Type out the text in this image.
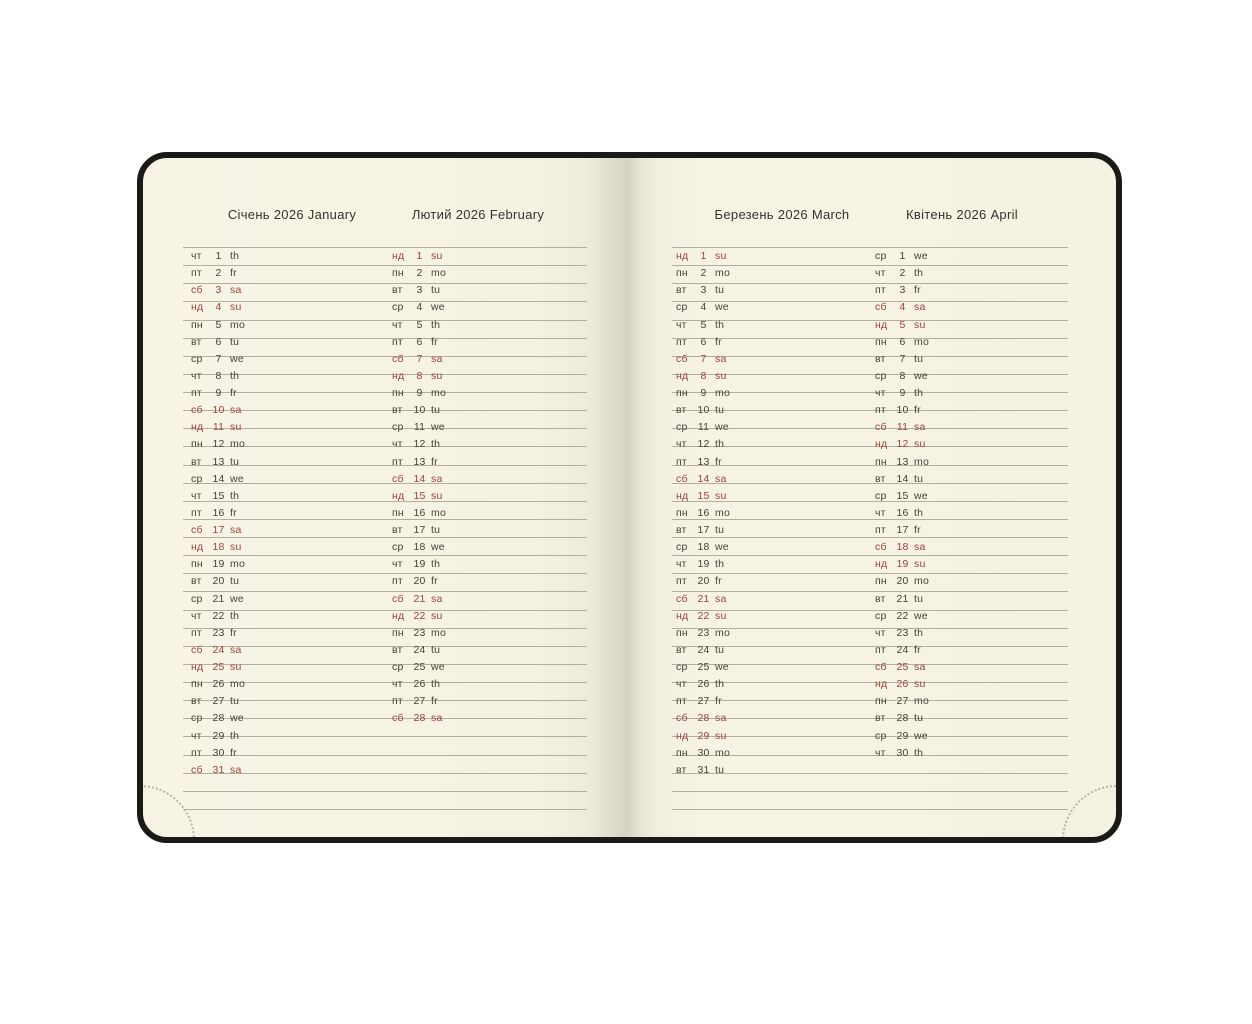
Січень 2026 January	Лютий 2026 February	Березень 2026 March	Квітень 2026 April
чт	1 th
пт	2 fr
сб	3 sa
нд	4 su
пн	5 mo
вт	6 tu
ср	7 we
чт	8 th
пт	9 fr
сб 10 sa
нд 11 su
пн 12 mo
вт	13 tu
ср 14 we
чт	15 th
пт	16 fr
сб 17 sa
нд 18 su
пн 19 mo
вт	20 tu
ср 21 we
чт	22 th
пт	23 fr
сб 24 sa
нд 25 su
пн 26 mo
вт	27 tu
ср 28 we
чт	29 th
пт	30 fr
сб 31 sa
нд	1 su
пн	2 mo
вт	3 tu
ср	4 we
чт	5 th
пт	6 fr
сб	7 sa
нд	8 su
пн	9 mo
вт	10 tu
ср 11 we
чт	12 th
пт	13 fr
сб 14 sa
нд 15 su
пн 16 mo
вт	17 tu
ср 18 we
чт	19 th
пт	20 fr
сб 21 sa
нд 22 su
пн 23 mo
вт	24 tu
ср 25 we
чт	26 th
пт	27 fr
сб 28 sa
нд	1 su
пн	2 mo
вт	3 tu
ср	4 we
чт	5 th
пт	6 fr
сб	7 sa
нд	8 su
пн	9 mo
вт	10 tu
ср 11 we
чт	12 th
пт	13 fr
сб 14 sa
нд 15 su
пн 16 mo
вт	17 tu
ср 18 we
чт	19 th
пт	20 fr
сб 21 sa
нд 22 su
пн 23 mo
вт	24 tu
ср 25 we
чт	26 th
пт	27 fr
сб 28 sa
нд 29 su
пн 30 mo
вт	31 tu
ср	1 we
чт	2 th
пт	3 fr
сб	4 sa
нд	5 su
пн	6 mo
вт	7 tu
ср	8 we
чт	9 th
пт	10 fr
сб 11 sa
нд 12 su
пн 13 mo
вт	14 tu
ср 15 we
чт	16 th
пт	17 fr
сб 18 sa
нд 19 su
пн 20 mo
вт	21 tu
ср 22 we
чт	23 th
пт	24 fr
сб 25 sa
нд 26 su
пн 27 mo
вт	28 tu
ср 29 we
чт	30 th
